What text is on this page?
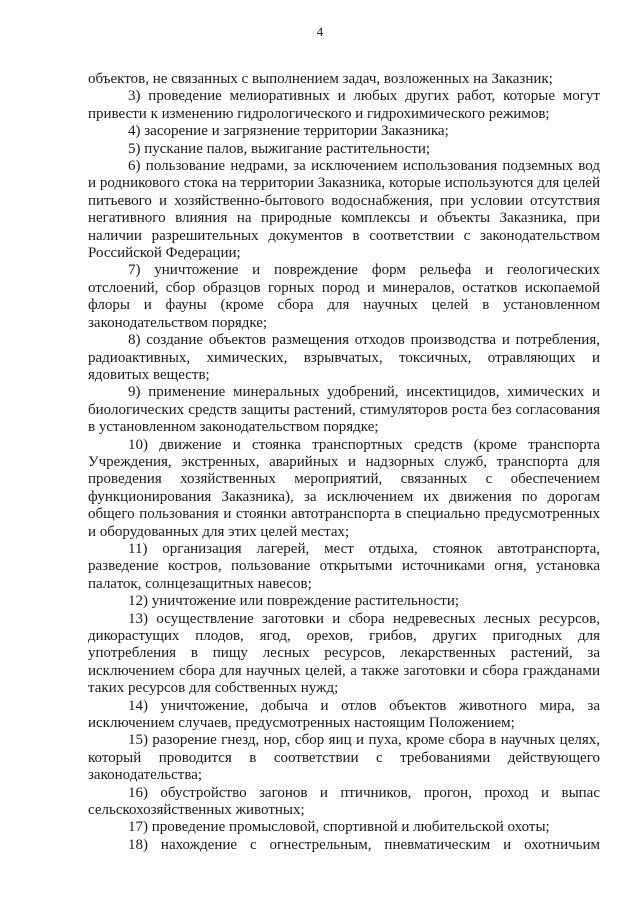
4

объектов, не связанных с выполнением задач, возложенных на Заказник;

3) проведение мелиоративных и любых других работ, которые могут привести к изменению гидрологического и гидрохимического режимов;

4) засорение и загрязнение территории Заказника;

5) пускание палов, выжигание растительности;

6) пользование недрами, за исключением использования подземных вод и родникового стока на территории Заказника, которые используются для целей питьевого и хозяйственно-бытового водоснабжения, при условии отсутствия негативного влияния на природные комплексы и объекты Заказника, при наличии разрешительных документов в соответствии с законодательством Российской Федерации;

7) уничтожение и повреждение форм рельефа и геологических отслоений, сбор образцов горных пород и минералов, остатков ископаемой флоры и фауны (кроме сбора для научных целей в установленном законодательством порядке;

8) создание объектов размещения отходов производства и потребления, радиоактивных, химических, взрывчатых, токсичных, отравляющих и ядовитых веществ;

9) применение минеральных удобрений, инсектицидов, химических и биологических средств защиты растений, стимуляторов роста без согласования в установленном законодательством порядке;

10) движение и стоянка транспортных средств (кроме транспорта Учреждения, экстренных, аварийных и надзорных служб, транспорта для проведения хозяйственных мероприятий, связанных с обеспечением функционирования Заказника), за исключением их движения по дорогам общего пользования и стоянки автотранспорта в специально предусмотренных и оборудованных для этих целей местах;

11) организация лагерей, мест отдыха, стоянок автотранспорта, разведение костров, пользование открытыми источниками огня, установка палаток, солнцезащитных навесов;

12) уничтожение или повреждение растительности;

13) осуществление заготовки и сбора недревесных лесных ресурсов, дикорастущих плодов, ягод, орехов, грибов, других пригодных для употребления в пищу лесных ресурсов, лекарственных растений, за исключением сбора для научных целей, а также заготовки и сбора гражданами таких ресурсов для собственных нужд;

14) уничтожение, добыча и отлов объектов животного мира, за исключением случаев, предусмотренных настоящим Положением;

15) разорение гнезд, нор, сбор яиц и пуха, кроме сбора в научных целях, который проводится в соответствии с требованиями действующего законодательства;

16) обустройство загонов и птичников, прогон, проход и выпас сельскохозяйственных животных;

17) проведение промысловой, спортивной и любительской охоты;

18) нахождение с огнестрельным, пневматическим и охотничьим
